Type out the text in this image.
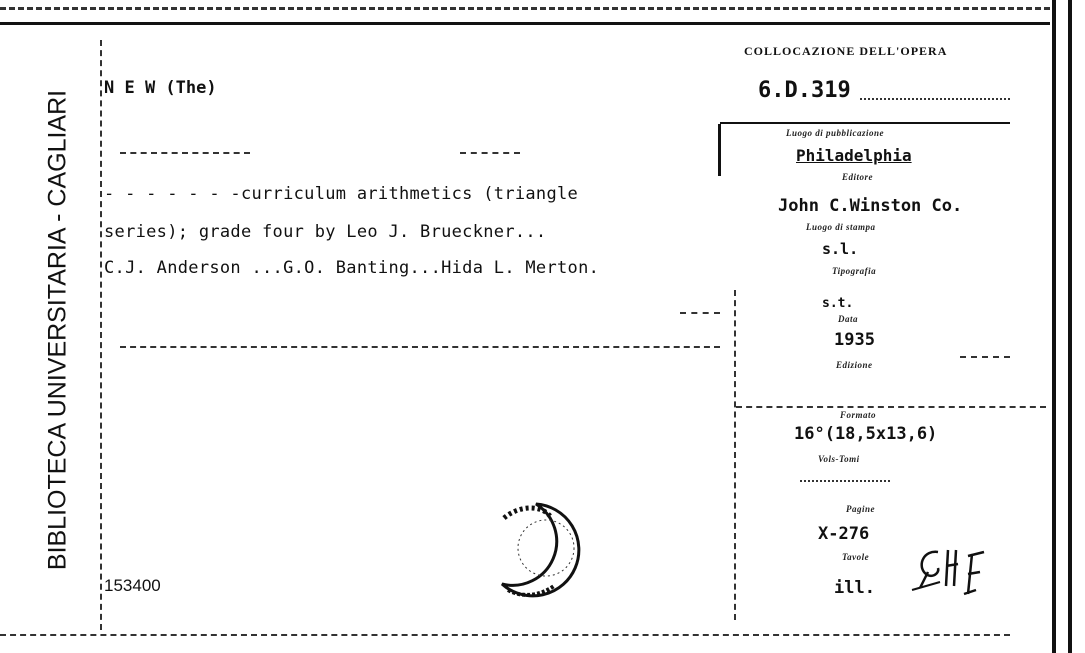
BIBLIOTECA UNIVERSITARIA - CAGLIARI
COLLOCAZIONE DELL'OPERA
6.D.319
N E W (The)
- - - - - - -curriculum arithmetics (triangle
series); grade four by Leo J. Brueckner...
C.J. Anderson ...G.O. Banting...Hida L. Merton.
Luogo di pubblicazione
Philadelphia
Editore
John C.Winston Co.
Luogo di stampa
s.l.
Tipografia
s.t.
Data
1935
Edizione
Formato
16°(18,5x13,6)
Vols-Tomi
Pagine
X-276
Tavole
ill.
153400
